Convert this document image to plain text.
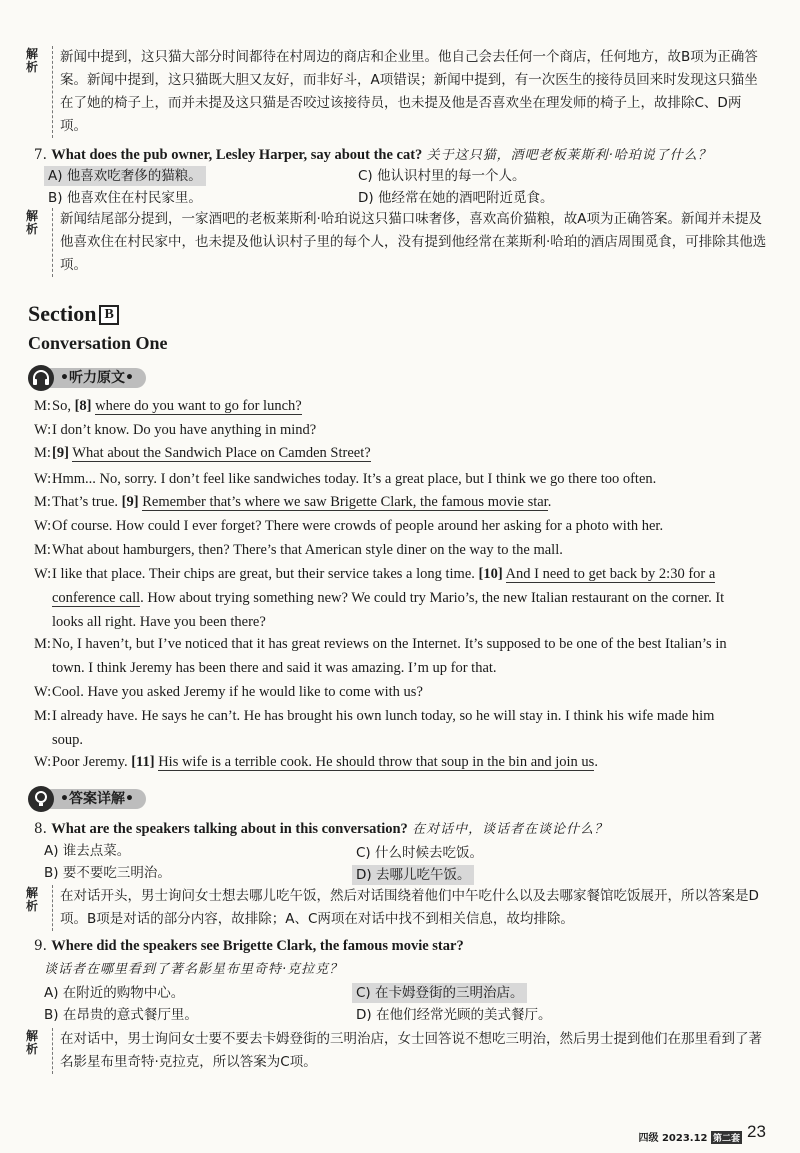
解析
新闻中提到，这只猫大部分时间都待在村周边的商店和企业里。他自己会去任何一个商店，任何地方，故B项为正确答案。新闻中提到，这只猫既大胆又友好，而非好斗，A项错误；新闻中提到，有一次医生的接待员回来时发现这只猫坐在了她的椅子上，而并未提及这只猫是否咬过该接待员，也未提及他是否喜欢坐在理发师的椅子上，故排除C、D两项。
7. What does the pub owner, Lesley Harper, say about the cat? 关于这只猫，酒吧老板莱斯利·哈珀说了什么？
A) 他喜欢吃奢侈的猫粮。	C) 他认识村里的每一个人。
B) 他喜欢住在村民家里。	D) 他经常在她的酒吧附近觅食。
解析
新闻结尾部分提到，一家酒吧的老板莱斯利·哈珀说这只猫口味奢侈，喜欢高价猫粮，故A项为正确答案。新闻并未提及他喜欢住在村民家中，也未提及他认识村子里的每个人，没有提到他经常在莱斯利·哈珀的酒店周围觅食，可排除其他选项。
Section B
Conversation One
•听力原文•
M: So, [8] where do you want to go for lunch?
W: I don’t know. Do you have anything in mind?
M: [9] What about the Sandwich Place on Camden Street?
W: Hmm... No, sorry. I don’t feel like sandwiches today. It’s a great place, but I think we go there too often.
M: That’s true. [9] Remember that’s where we saw Brigette Clark, the famous movie star.
W: Of course. How could I ever forget? There were crowds of people around her asking for a photo with her.
M: What about hamburgers, then? There’s that American style diner on the way to the mall.
W: I like that place. Their chips are great, but their service takes a long time. [10] And I need to get back by 2:30 for a conference call. How about trying something new? We could try Mario’s, the new Italian restaurant on the corner. It looks all right. Have you been there?
M: No, I haven’t, but I’ve noticed that it has great reviews on the Internet. It’s supposed to be one of the best Italian’s in town. I think Jeremy has been there and said it was amazing. I’m up for that.
W: Cool. Have you asked Jeremy if he would like to come with us?
M: I already have. He says he can’t. He has brought his own lunch today, so he will stay in. I think his wife made him soup.
W: Poor Jeremy. [11] His wife is a terrible cook. He should throw that soup in the bin and join us.
•答案详解•
8. What are the speakers talking about in this conversation? 在对话中，谈话者在谈论什么？
A) 谁去点菜。	C) 什么时候去吃饭。
B) 要不要吃三明治。	D) 去哪儿吃午饭。
解析
在对话开头，男士询问女士想去哪儿吃午饭，然后对话围绕着他们中午吃什么以及去哪家餐馆吃饭展开，所以答案是D项。B项是对话的部分内容，故排除；A、C两项在对话中找不到相关信息，故均排除。
9. Where did the speakers see Brigette Clark, the famous movie star?
谈话者在哪里看到了著名影星布里奇特·克拉克？
A) 在附近的购物中心。	C) 在卡姆登街的三明治店。
B) 在昂贵的意式餐厅里。	D) 在他们经常光顾的美式餐厅。
解析
在对话中，男士询问女士要不要去卡姆登街的三明治店，女士回答说不想吃三明治，然后男士提到他们在那里看到了著名影星布里奇特·克拉克，所以答案为C项。
四级 2023.12 第二套 23
